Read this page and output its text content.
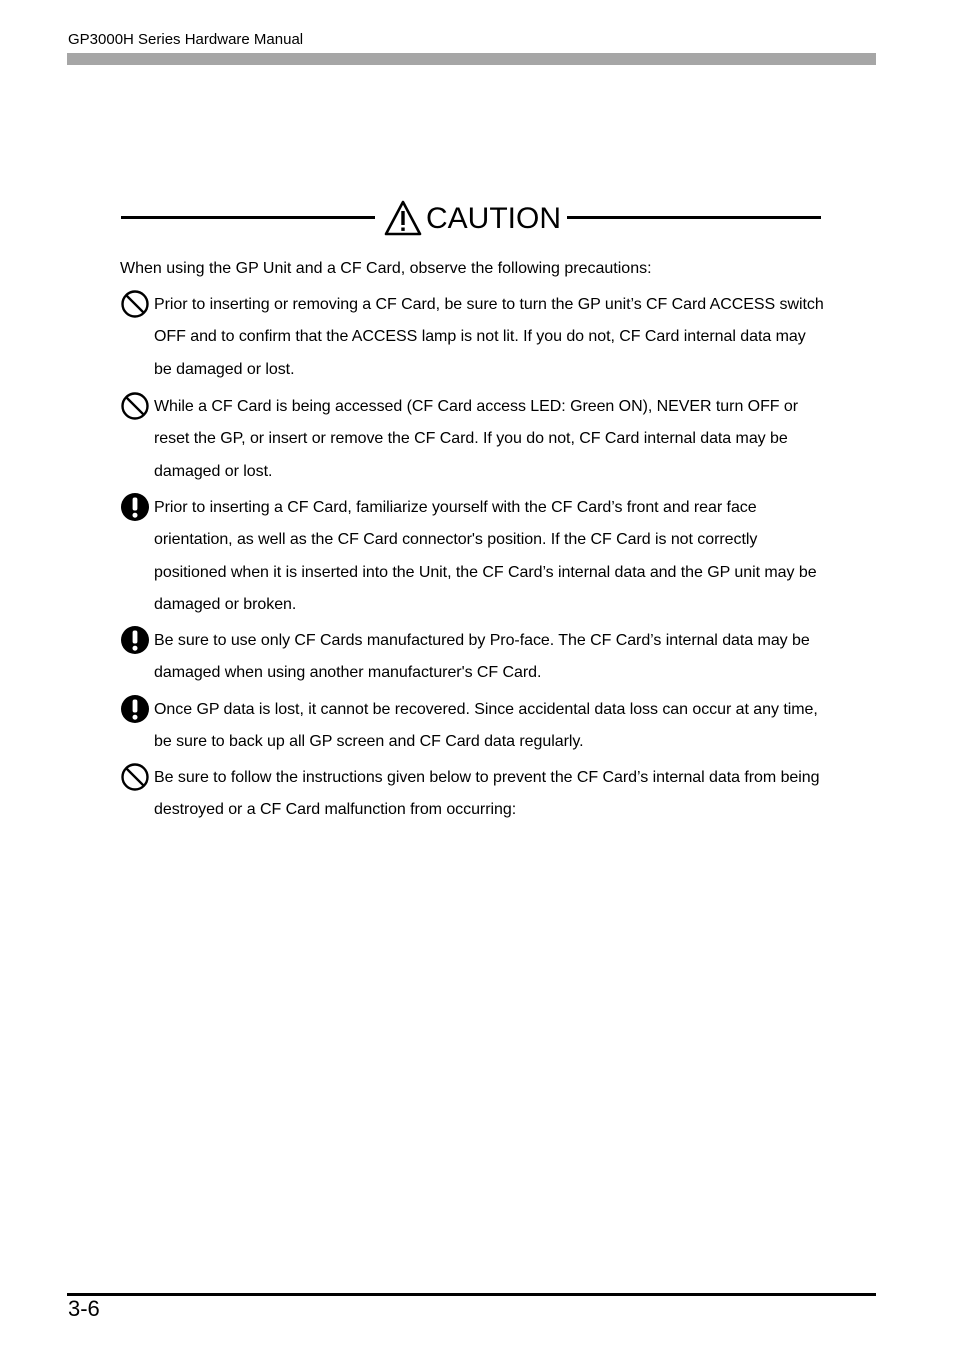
GP3000H Series Hardware Manual
CAUTION
When using the GP Unit and a CF Card, observe the following precautions:

Prior to inserting or removing a CF Card, be sure to turn the GP unit’s CF Card ACCESS switch OFF and to confirm that the ACCESS lamp is not lit. If you do not, CF Card internal data may be damaged or lost.

While a CF Card is being accessed (CF Card access LED: Green ON), NEVER turn OFF or reset the GP, or insert or remove the CF Card. If you do not, CF Card internal data may be damaged or lost.

Prior to inserting a CF Card, familiarize yourself with the CF Card’s front and rear face orientation, as well as the CF Card connector's position. If the CF Card is not correctly positioned when it is inserted into the Unit, the CF Card’s internal data and the GP unit may be damaged or broken.

Be sure to use only CF Cards manufactured by Pro-face. The CF Card’s internal data may be damaged when using another manufacturer's CF Card.

Once GP data is lost, it cannot be recovered. Since accidental data loss can occur at any time, be sure to back up all GP screen and CF Card data regularly.

Be sure to follow the instructions given below to prevent the CF Card’s internal data from being destroyed or a CF Card malfunction from occurring:

3-6
